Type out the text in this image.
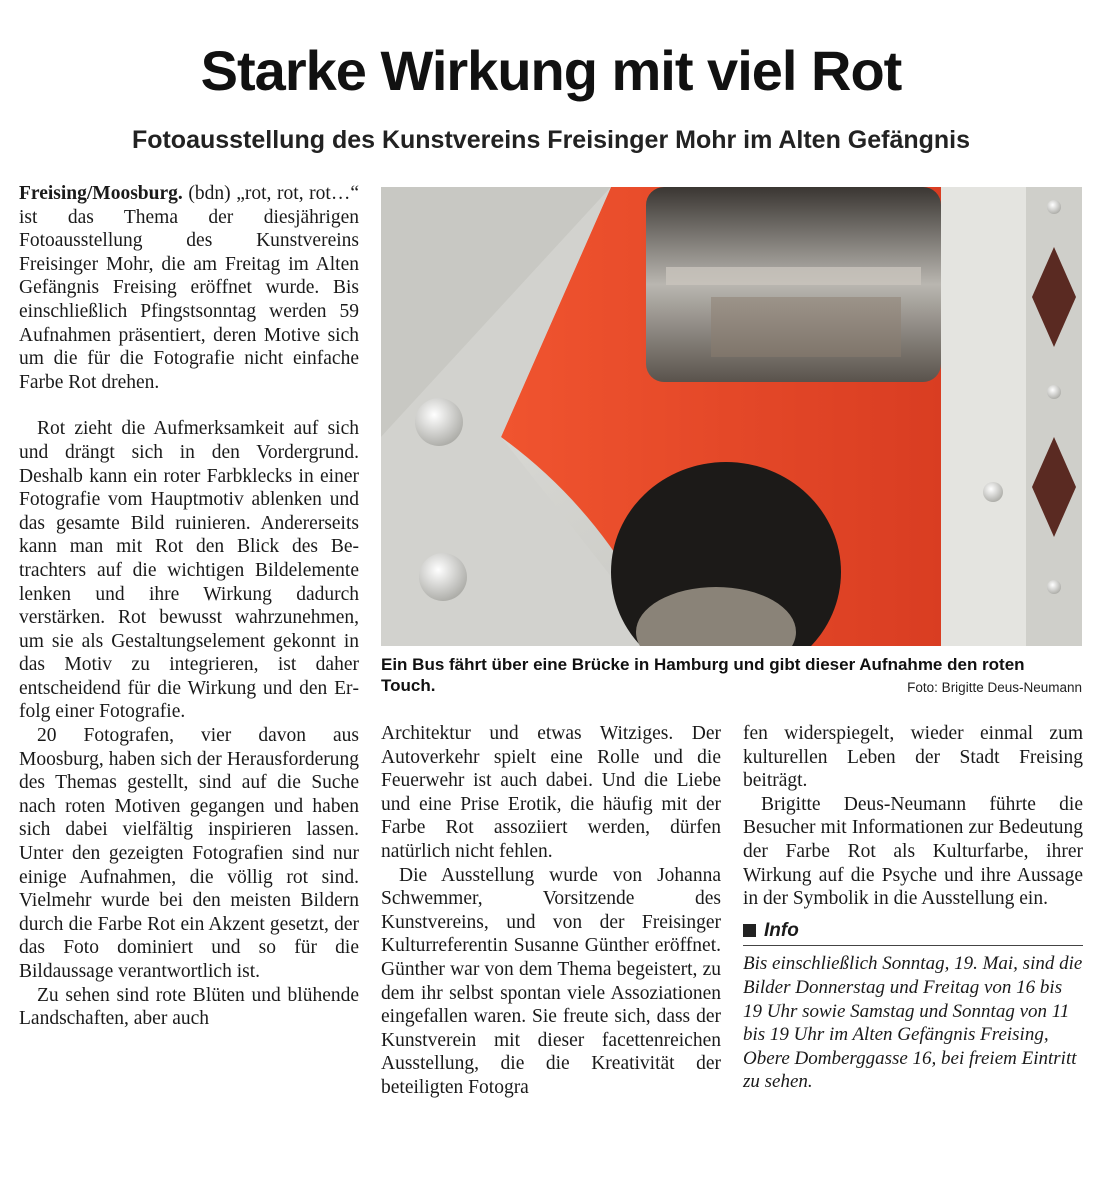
Starke Wirkung mit viel Rot
Fotoausstellung des Kunstvereins Freisinger Mohr im Alten Gefängnis

Freising/Moosburg. (bdn) „rot, rot, rot…“ ist das Thema der diesjährigen Fotoausstellung des Kunstvereins Freisinger Mohr, die am Freitag im Alten Gefängnis Freising eröffnet wurde. Bis einschließlich Pfingstsonntag werden 59 Aufnahmen präsentiert, deren Motive sich um die für die Fotografie nicht einfache Farbe Rot drehen.

Rot zieht die Aufmerksamkeit auf sich und drängt sich in den Vordergrund. Deshalb kann ein roter Farbklecks in einer Fotografie vom Hauptmotiv ablenken und das gesamte Bild ruinieren. Andererseits kann man mit Rot den Blick des Betrachters auf die wichtigen Bildelemente lenken und ihre Wirkung dadurch verstärken. Rot bewusst wahrzunehmen, um sie als Gestaltungselement gekonnt in das Motiv zu integrieren, ist daher entscheidend für die Wirkung und den Erfolg einer Fotografie.

20 Fotografen, vier davon aus Moosburg, haben sich der Herausforderung des Themas gestellt, sind auf die Suche nach roten Motiven gegangen und haben sich dabei vielfältig inspirieren lassen. Unter den gezeigten Fotografien sind nur einige Aufnahmen, die völlig rot sind. Vielmehr wurde bei den meisten Bildern durch die Farbe Rot ein Akzent gesetzt, der das Foto dominiert und so für die Bildaussage verantwortlich ist.

Zu sehen sind rote Blüten und blühende Landschaften, aber auch

Ein Bus fährt über eine Brücke in Hamburg und gibt dieser Aufnahme den roten Touch.	Foto: Brigitte Deus-Neumann

Architektur und etwas Witziges. Der Autoverkehr spielt eine Rolle und die Feuerwehr ist auch dabei. Und die Liebe und eine Prise Erotik, die häufig mit der Farbe Rot assoziiert werden, dürfen natürlich nicht fehlen.

Die Ausstellung wurde von Johanna Schwemmer, Vorsitzende des Kunstvereins, und von der Freisinger Kulturreferentin Susanne Günther eröffnet. Günther war von dem Thema begeistert, zu dem ihr selbst spontan viele Assoziationen eingefallen waren. Sie freute sich, dass der Kunstverein mit dieser facettenreichen Ausstellung, die die Kreativität der beteiligten Fotogra

fen widerspiegelt, wieder einmal zum kulturellen Leben der Stadt Freising beiträgt.

Brigitte Deus-Neumann führte die Besucher mit Informationen zur Bedeutung der Farbe Rot als Kulturfarbe, ihrer Wirkung auf die Psyche und ihre Aussage in der Symbolik in die Ausstellung ein.

Info
Bis einschließlich Sonntag, 19. Mai, sind die Bilder Donnerstag und Freitag von 16 bis 19 Uhr sowie Samstag und Sonntag von 11 bis 19 Uhr im Alten Gefängnis Freising, Obere Domberggasse 16, bei freiem Eintritt zu sehen.
